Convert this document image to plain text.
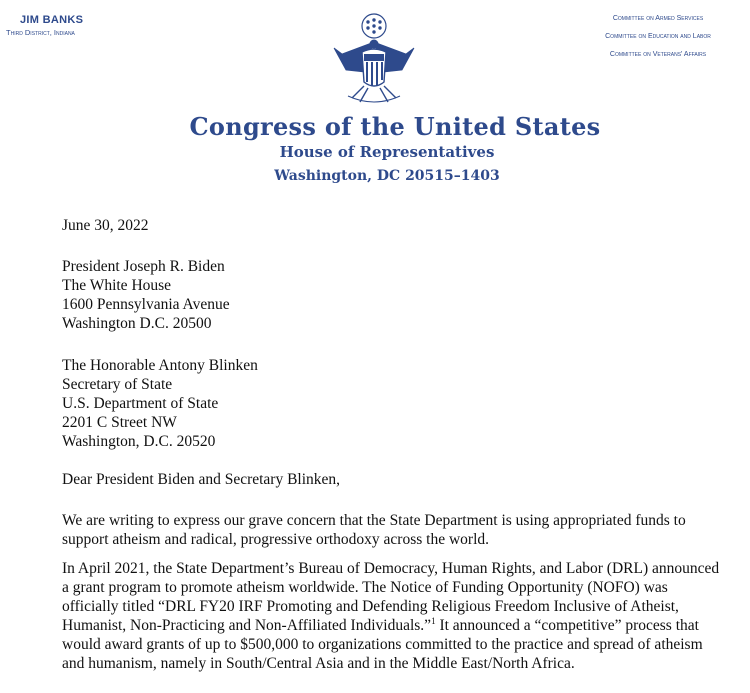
JIM BANKS
Third District, Indiana
Committee on Armed Services
Committee on Education and Labor
Committee on Veterans' Affairs
Congress of the United States
House of Representatives
Washington, DC 20515–1403
June 30, 2022
President Joseph R. Biden
The White House
1600 Pennsylvania Avenue
Washington D.C. 20500
The Honorable Antony Blinken
Secretary of State
U.S. Department of State
2201 C Street NW
Washington, D.C. 20520
Dear President Biden and Secretary Blinken,
We are writing to express our grave concern that the State Department is using appropriated funds to support atheism and radical, progressive orthodoxy across the world.
In April 2021, the State Department’s Bureau of Democracy, Human Rights, and Labor (DRL) announced a grant program to promote atheism worldwide. The Notice of Funding Opportunity (NOFO) was officially titled “DRL FY20 IRF Promoting and Defending Religious Freedom Inclusive of Atheist, Humanist, Non-Practicing and Non-Affiliated Individuals.”$^1$ It announced a “competitive” process that would award grants of up to $500,000 to organizations committed to the practice and spread of atheism and humanism, namely in South/Central Asia and in the Middle East/North Africa.
